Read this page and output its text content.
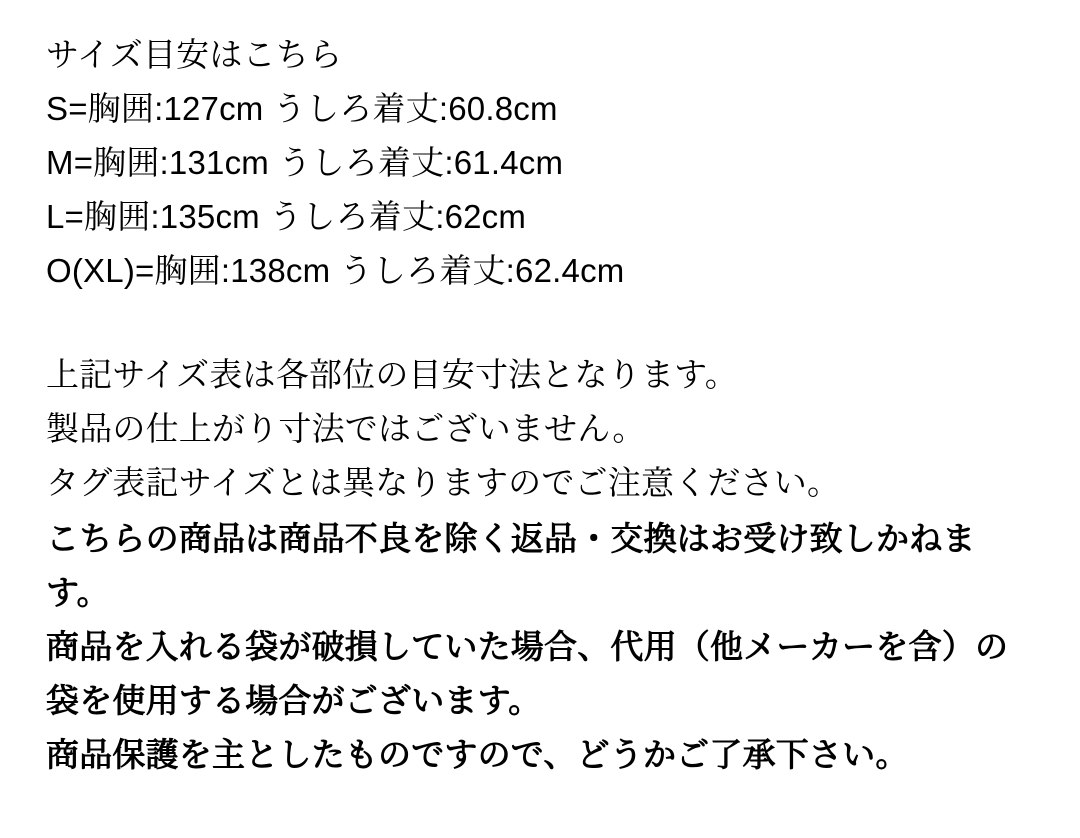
サイズ目安はこちら
S=胸囲:127cm うしろ着丈:60.8cm
M=胸囲:131cm うしろ着丈:61.4cm
L=胸囲:135cm うしろ着丈:62cm
O(XL)=胸囲:138cm うしろ着丈:62.4cm
上記サイズ表は各部位の目安寸法となります。
製品の仕上がり寸法ではございません。
タグ表記サイズとは異なりますのでご注意ください。
こちらの商品は商品不良を除く返品・交換はお受け致しかねます。
商品を入れる袋が破損していた場合、代用（他メーカーを含）の袋を使用する場合がございます。
商品保護を主としたものですので、どうかご了承下さい。
